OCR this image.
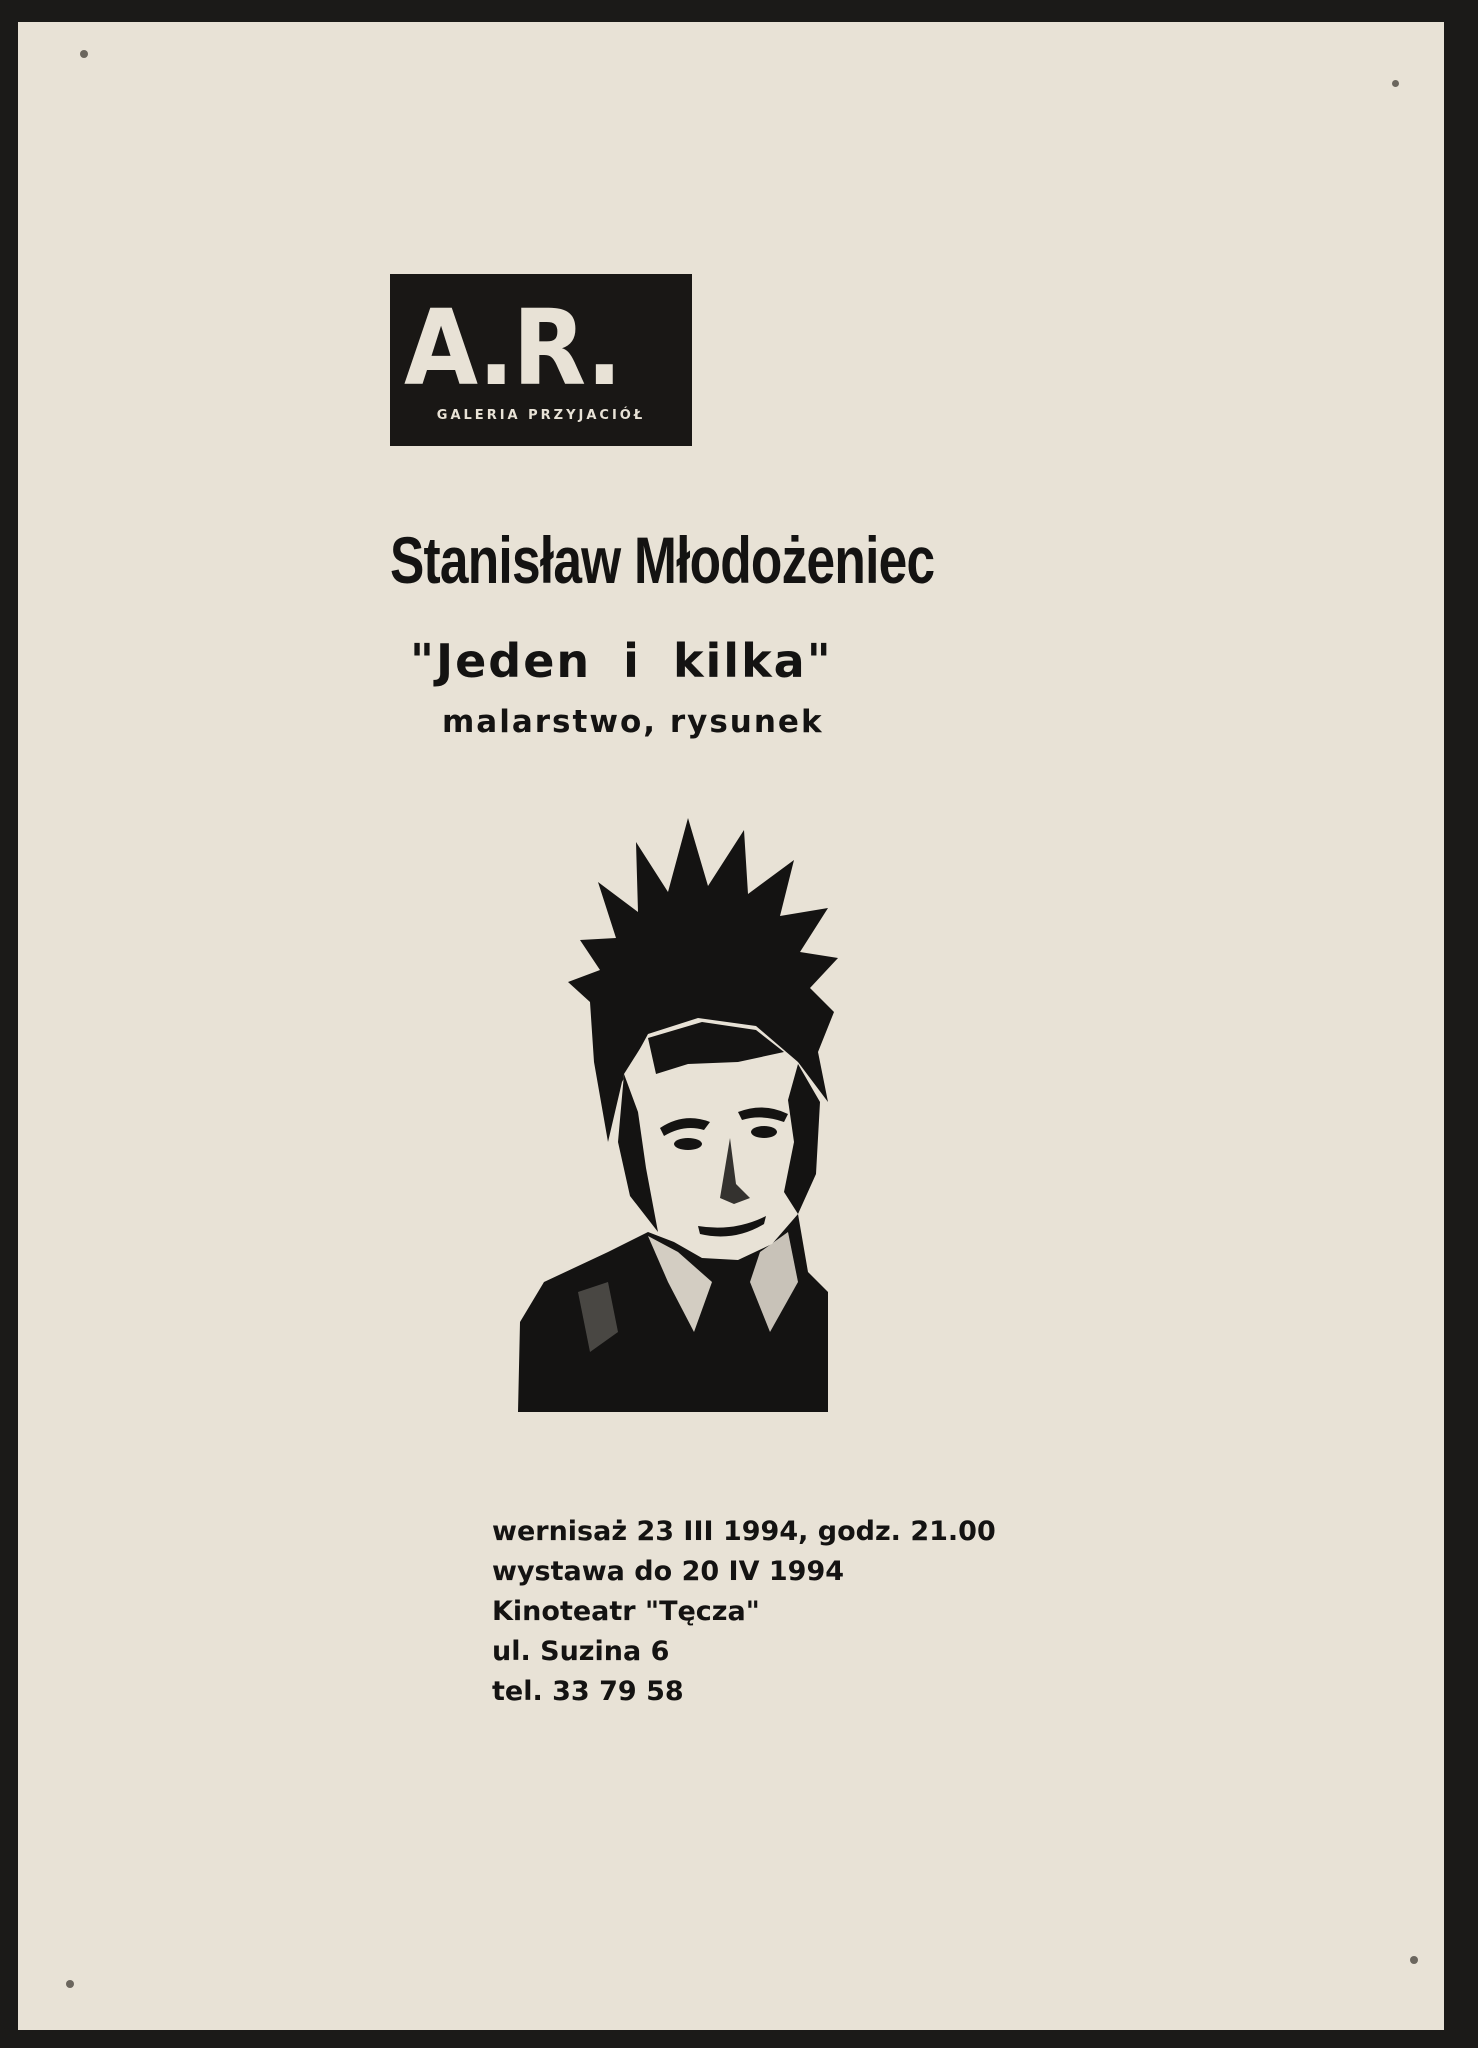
A.R.
GALERIA PRZYJACIÓŁ
Stanisław Młodożeniec
"Jeden i kilka"
malarstwo, rysunek
wernisaż 23 III 1994, godz. 21.00
wystawa do 20 IV 1994
Kinoteatr "Tęcza"
ul. Suzina 6
tel. 33 79 58
